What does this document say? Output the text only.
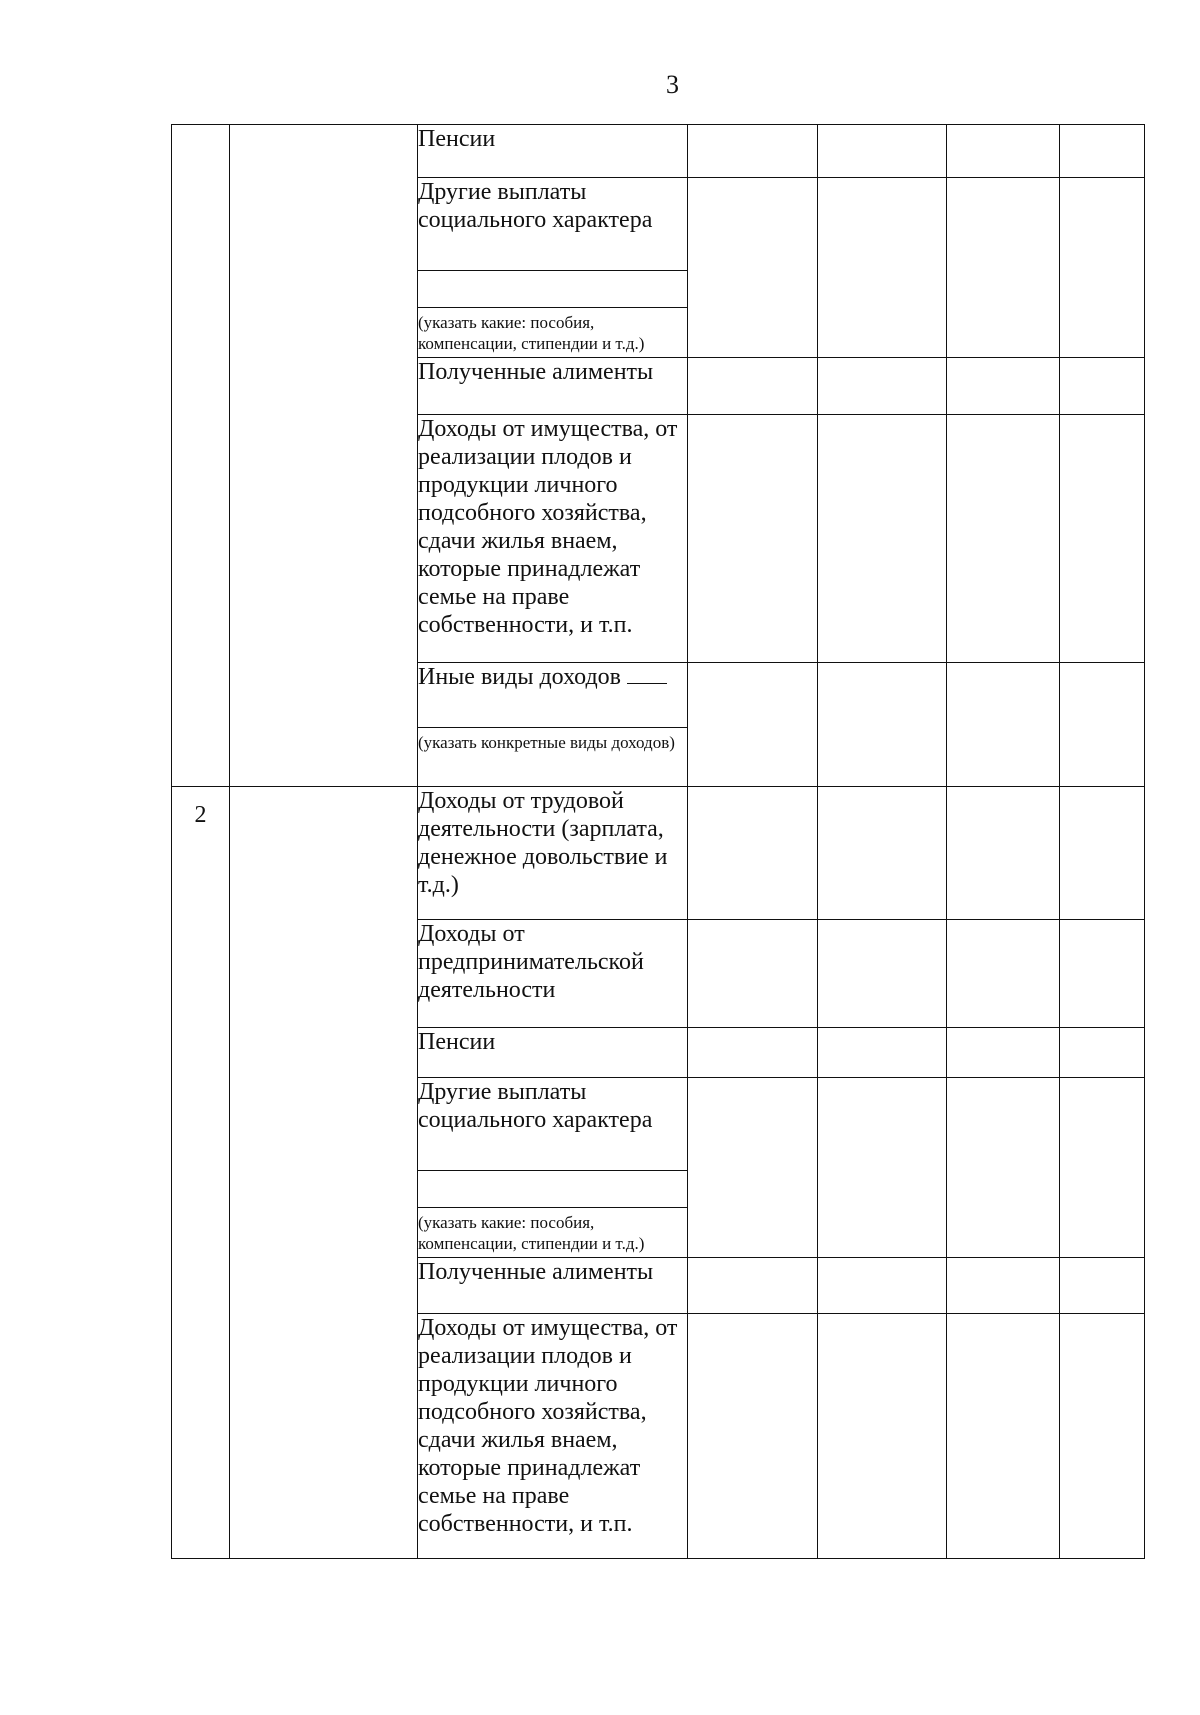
3

		Пенсии				

		Другие выплаты социального характера
(указать какие: пособия, компенсации, стипендии и т.д.)				

		Полученные алименты				

		Доходы от имущества, от реализации плодов и продукции личного подсобного хозяйства, сдачи жилья внаем, которые принадлежат семье на праве собственности, и т.п.				

		Иные виды доходов
(указать конкретные виды доходов)				

2		Доходы от трудовой деятельности (зарплата, денежное довольствие и т.д.)				

		Доходы от предпринимательской деятельности				

		Пенсии				

		Другие выплаты социального характера
(указать какие: пособия, компенсации, стипендии и т.д.)				

		Полученные алименты				

		Доходы от имущества, от реализации плодов и продукции личного подсобного хозяйства, сдачи жилья внаем, которые принадлежат семье на праве собственности, и т.п.				
